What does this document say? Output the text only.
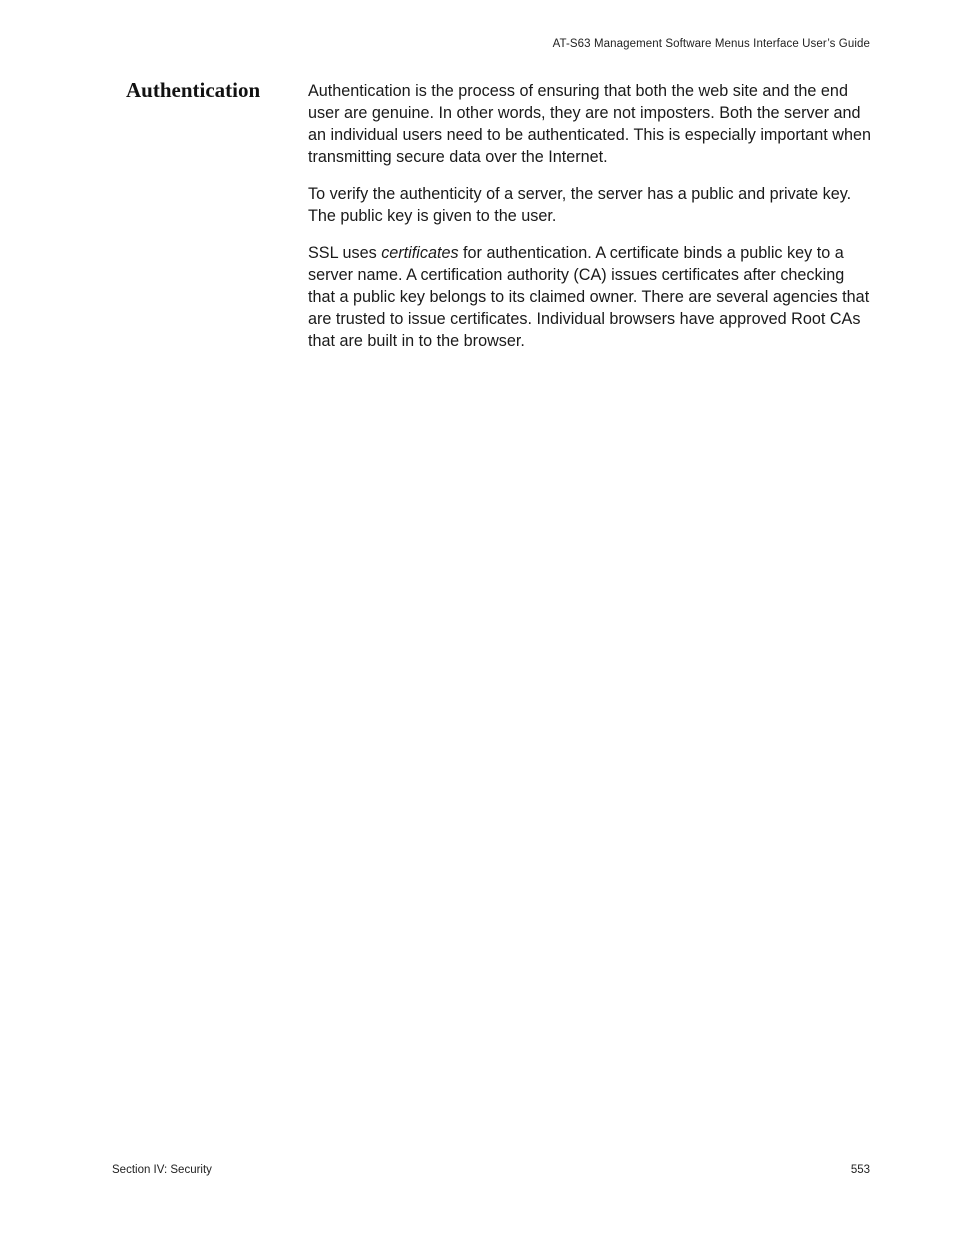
AT-S63 Management Software Menus Interface User’s Guide
Authentication	Authentication is the process of ensuring that both the web site and the end user are genuine. In other words, they are not imposters. Both the server and an individual users need to be authenticated. This is especially important when transmitting secure data over the Internet.

To verify the authenticity of a server, the server has a public and private key. The public key is given to the user.

SSL uses certificates for authentication. A certificate binds a public key to a server name. A certification authority (CA) issues certificates after checking that a public key belongs to its claimed owner. There are several agencies that are trusted to issue certificates. Individual browsers have approved Root CAs that are built in to the browser.

Section IV: Security	553
